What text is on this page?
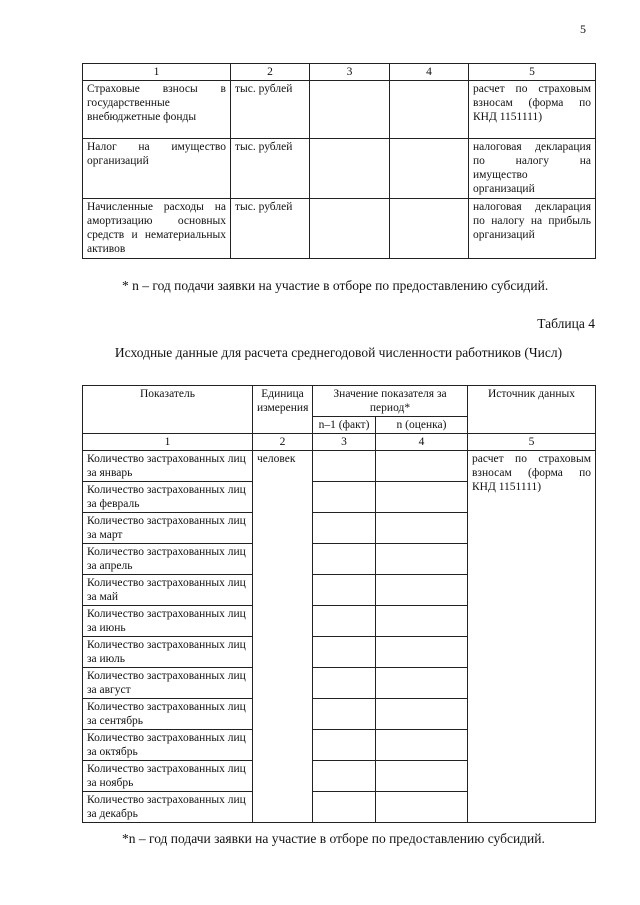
5
1	2	3	4	5
Страховые взносы в государственные внебюджетные фонды	тыс. рублей			расчет по страховым взносам (форма по КНД 1151111)
Налог на имущество организаций	тыс. рублей			налоговая декларация по налогу на имущество организаций
Начисленные расходы на амортизацию основных средств и нематериальных активов	тыс. рублей			налоговая декларация по налогу на прибыль организаций
* n – год подачи заявки на участие в отборе по предоставлению субсидий.
Таблица 4
Исходные данные для расчета среднегодовой численности работников (Числ)
Показатель	Единица измерения	Значение показателя за период*		Источник данных
		n–1 (факт)	n (оценка)	
1	2	3	4	5
Количество застрахованных лиц за январь	человек			расчет по страховым взносам (форма по КНД 1151111)
Количество застрахованных лиц за февраль				
Количество застрахованных лиц за март				
Количество застрахованных лиц за апрель				
Количество застрахованных лиц за май				
Количество застрахованных лиц за июнь				
Количество застрахованных лиц за июль				
Количество застрахованных лиц за август				
Количество застрахованных лиц за сентябрь				
Количество застрахованных лиц за октябрь				
Количество застрахованных лиц за ноябрь				
Количество застрахованных лиц за декабрь				
*n – год подачи заявки на участие в отборе по предоставлению субсидий.
